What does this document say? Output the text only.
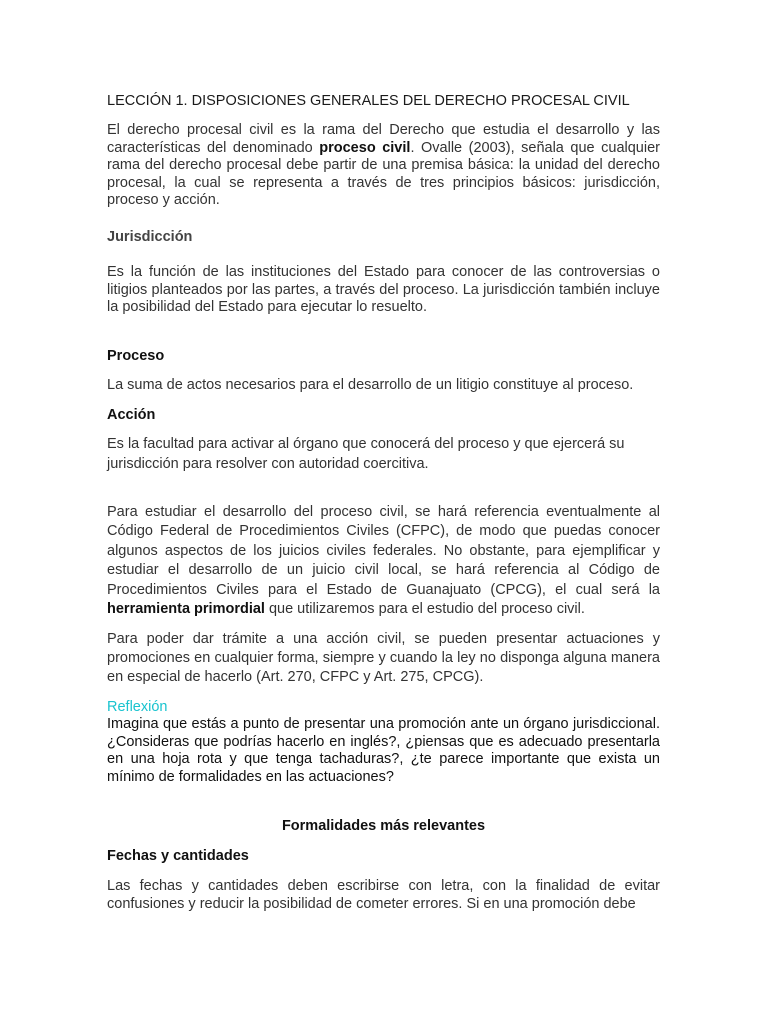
LECCIÓN 1. DISPOSICIONES GENERALES DEL DERECHO PROCESAL CIVIL

El derecho procesal civil es la rama del Derecho que estudia el desarrollo y las características del denominado proceso civil. Ovalle (2003), señala que cualquier rama del derecho procesal debe partir de una premisa básica: la unidad del derecho procesal, la cual se representa a través de tres principios básicos: jurisdicción, proceso y acción.

Jurisdicción

Es la función de las instituciones del Estado para conocer de las controversias o litigios planteados por las partes, a través del proceso. La jurisdicción también incluye la posibilidad del Estado para ejecutar lo resuelto.

Proceso

La suma de actos necesarios para el desarrollo de un litigio constituye al proceso.

Acción

Es la facultad para activar al órgano que conocerá del proceso y que ejercerá su jurisdicción para resolver con autoridad coercitiva.

Para estudiar el desarrollo del proceso civil, se hará referencia eventualmente al Código Federal de Procedimientos Civiles (CFPC), de modo que puedas conocer algunos aspectos de los juicios civiles federales. No obstante, para ejemplificar y estudiar el desarrollo de un juicio civil local, se hará referencia al Código de Procedimientos Civiles para el Estado de Guanajuato (CPCG), el cual será la herramienta primordial que utilizaremos para el estudio del proceso civil.

Para poder dar trámite a una acción civil, se pueden presentar actuaciones y promociones en cualquier forma, siempre y cuando la ley no disponga alguna manera en especial de hacerlo (Art. 270, CFPC y Art. 275, CPCG).

Reflexión

Imagina que estás a punto de presentar una promoción ante un órgano jurisdiccional. ¿Consideras que podrías hacerlo en inglés?, ¿piensas que es adecuado presentarla en una hoja rota y que tenga tachaduras?, ¿te parece importante que exista un mínimo de formalidades en las actuaciones?

Formalidades más relevantes

Fechas y cantidades

Las fechas y cantidades deben escribirse con letra, con la finalidad de evitar confusiones y reducir la posibilidad de cometer errores. Si en una promoción debe
